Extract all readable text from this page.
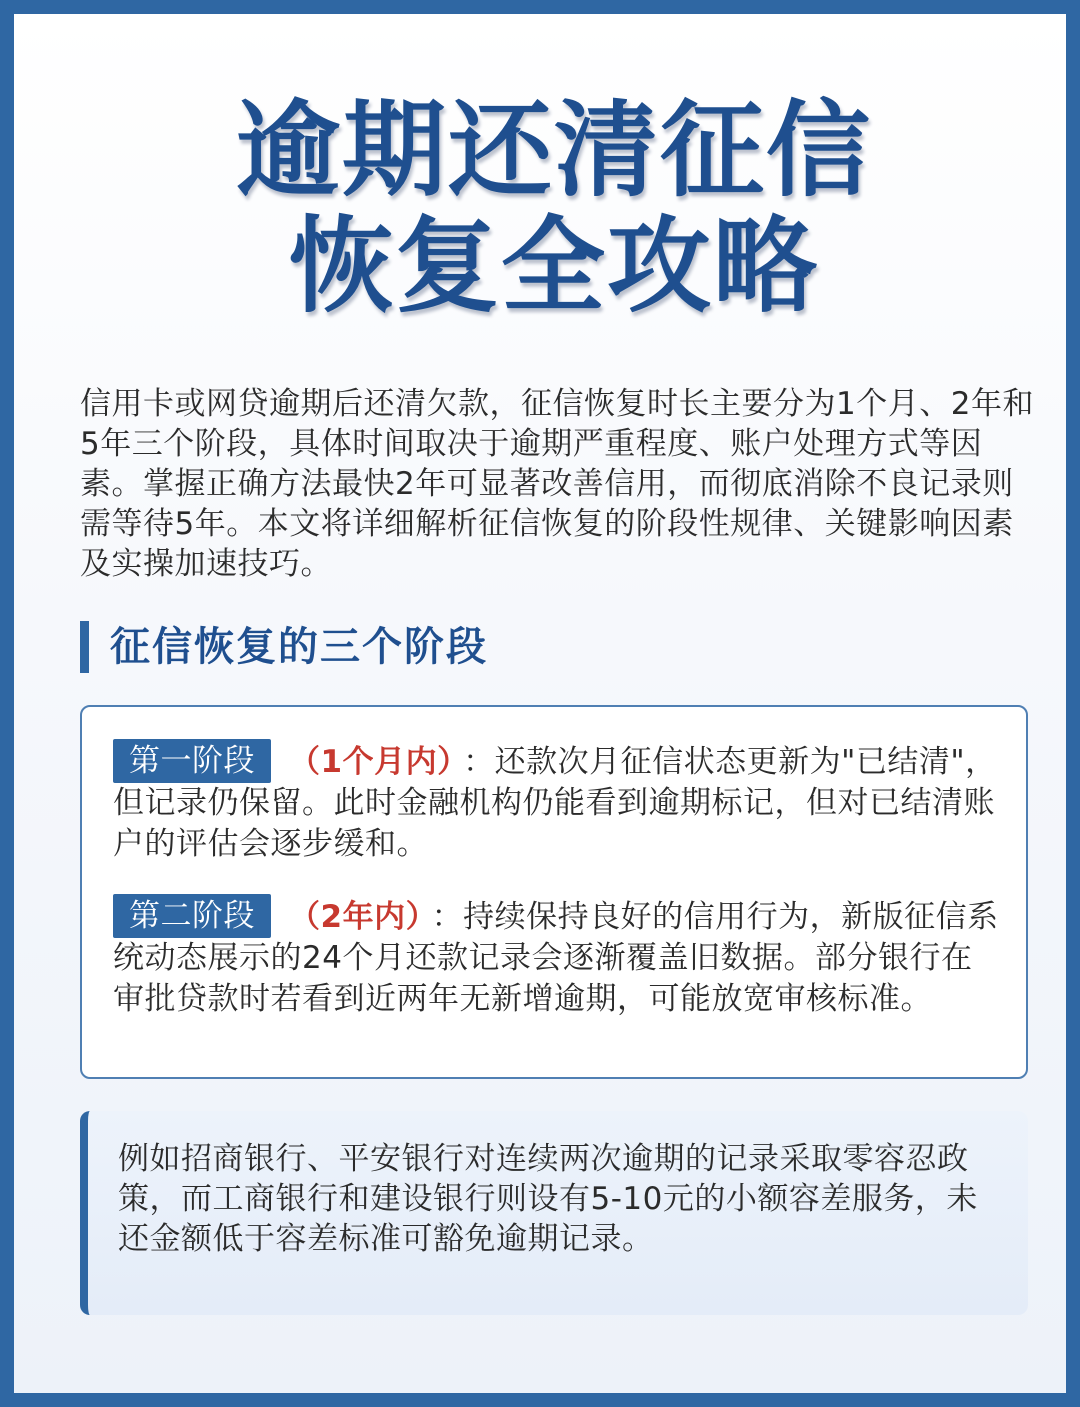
逾期还清征信
恢复全攻略
信用卡或网贷逾期后还清欠款，征信恢复时长主要分为1个月、2年和5年三个阶段，具体时间取决于逾期严重程度、账户处理方式等因素。掌握正确方法最快2年可显著改善信用，而彻底消除不良记录则需等待5年。本文将详细解析征信恢复的阶段性规律、关键影响因素及实操加速技巧。
征信恢复的三个阶段
第一阶段 （1个月内） ：还款次月征信状态更新为"已结清"，但记录仍保留。此时金融机构仍能看到逾期标记，但对已结清账户的评估会逐步缓和。
第二阶段 （2年内） ：持续保持良好的信用行为，新版征信系统动态展示的24个月还款记录会逐渐覆盖旧数据。部分银行在审批贷款时若看到近两年无新增逾期，可能放宽审核标准。
例如招商银行、平安银行对连续两次逾期的记录采取零容忍政策，而工商银行和建设银行则设有5-10元的小额容差服务，未还金额低于容差标准可豁免逾期记录。
